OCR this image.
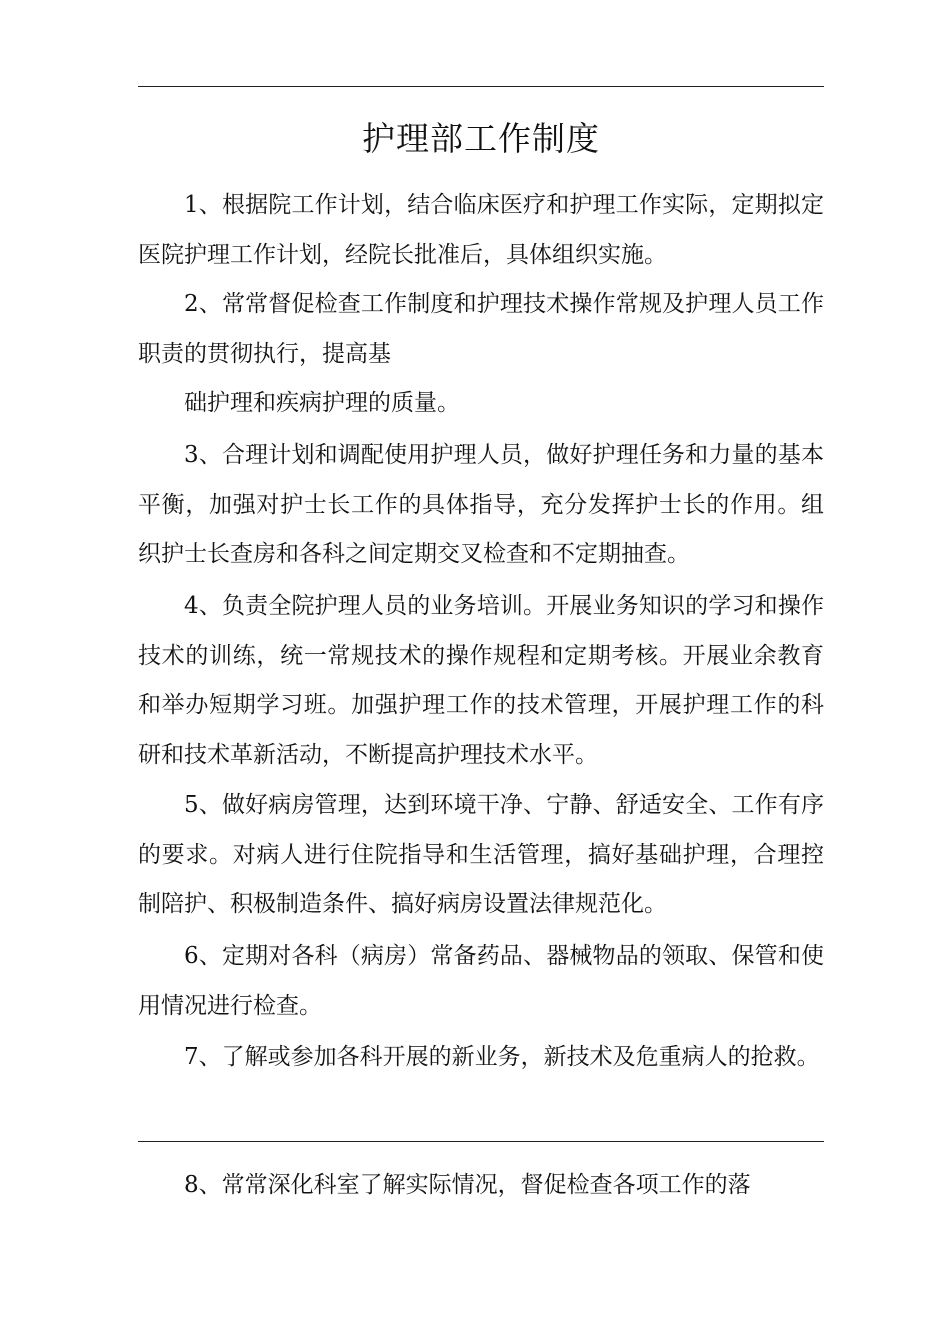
护理部工作制度

1、根据院工作计划，结合临床医疗和护理工作实际，定期拟定医院护理工作计划，经院长批准后，具体组织实施。

2、常常督促检查工作制度和护理技术操作常规及护理人员工作职责的贯彻执行，提高基

础护理和疾病护理的质量。

3、合理计划和调配使用护理人员，做好护理任务和力量的基本平衡，加强对护士长工作的具体指导，充分发挥护士长的作用。组织护士长查房和各科之间定期交叉检查和不定期抽查。

4、负责全院护理人员的业务培训。开展业务知识的学习和操作技术的训练，统一常规技术的操作规程和定期考核。开展业余教育和举办短期学习班。加强护理工作的技术管理，开展护理工作的科研和技术革新活动，不断提高护理技术水平。

5、做好病房管理，达到环境干净、宁静、舒适安全、工作有序的要求。对病人进行住院指导和生活管理，搞好基础护理，合理控制陪护、积极制造条件、搞好病房设置法律规范化。

6、定期对各科（病房）常备药品、器械物品的领取、保管和使用情况进行检查。

7、了解或参加各科开展的新业务，新技术及危重病人的抢救。

8、常常深化科室了解实际情况，督促检查各项工作的落
